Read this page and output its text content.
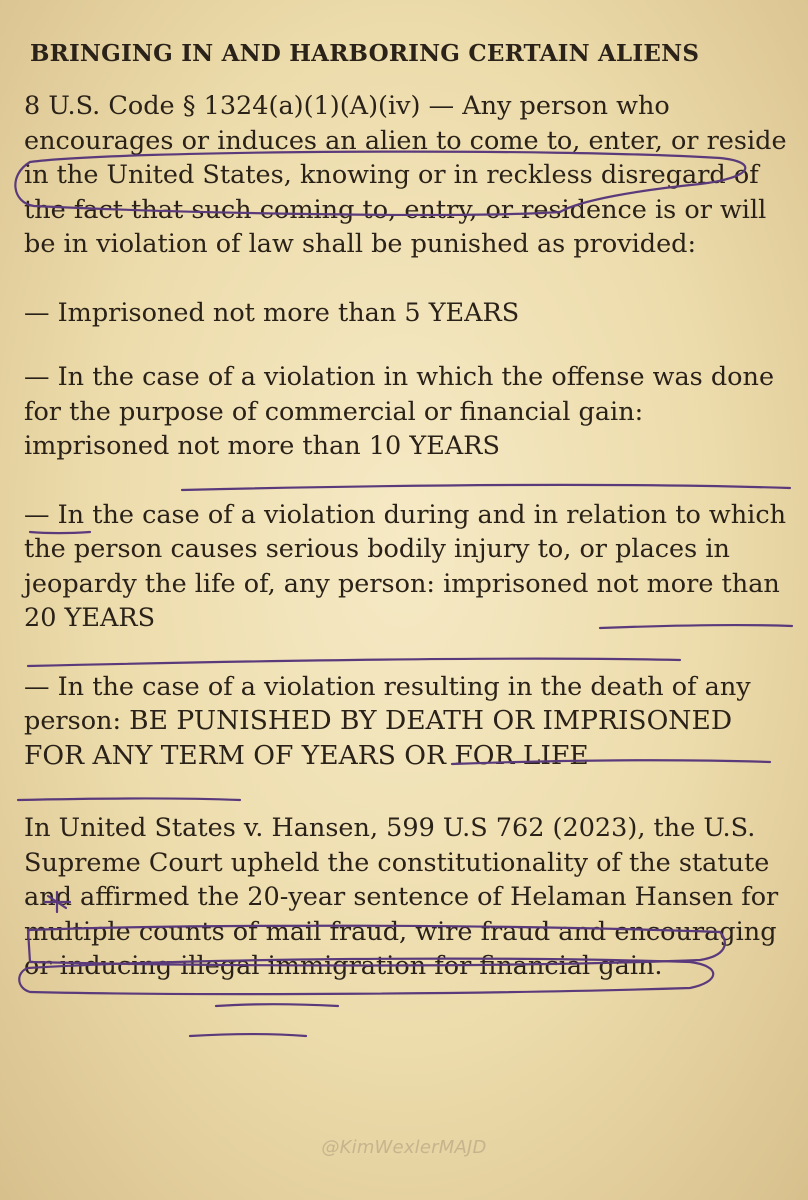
BRINGING IN AND HARBORING CERTAIN ALIENS

8 U.S. Code § 1324(a)(1)(A)(iv) — Any person who encourages or induces an alien to come to, enter, or reside in the United States, knowing or in reckless disregard of the fact that such coming to, entry, or residence is or will be in violation of law shall be punished as provided:

— Imprisoned not more than 5 YEARS

— In the case of a violation in which the offense was done for the purpose of commercial or financial gain: imprisoned not more than 10 YEARS

— In the case of a violation during and in relation to which the person causes serious bodily injury to, or places in jeopardy the life of, any person: imprisoned not more than 20 YEARS

— In the case of a violation resulting in the death of any person: BE PUNISHED BY DEATH OR IMPRISONED FOR ANY TERM OF YEARS OR FOR LIFE

In United States v. Hansen, 599 U.S 762 (2023), the U.S. Supreme Court upheld the constitutionality of the statute and affirmed the 20-year sentence of Helaman Hansen for multiple counts of mail fraud, wire fraud and encouraging or inducing illegal immigration for financial gain.

@KimWexlerMAJD
